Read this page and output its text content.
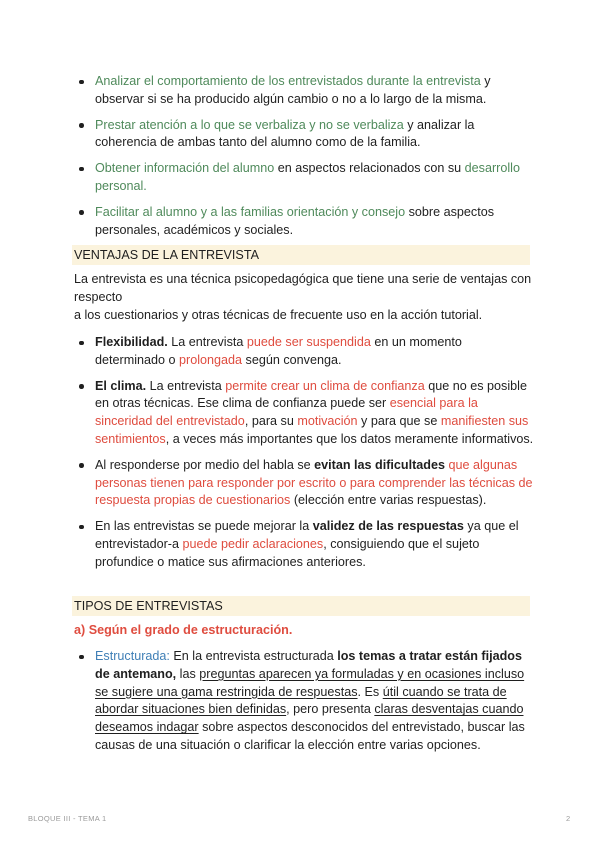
Analizar el comportamiento de los entrevistados durante la entrevista y observar si se ha producido algún cambio o no a lo largo de la misma.
Prestar atención a lo que se verbaliza y no se verbaliza y analizar la coherencia de ambas tanto del alumno como de la familia.
Obtener información del alumno en aspectos relacionados con su desarrollo personal.
Facilitar al alumno y a las familias orientación y consejo sobre aspectos personales, académicos y sociales.
VENTAJAS DE LA ENTREVISTA
La entrevista es una técnica psicopedagógica que tiene una serie de ventajas con respecto
a los cuestionarios y otras técnicas de frecuente uso en la acción tutorial.
Flexibilidad. La entrevista puede ser suspendida en un momento determinado o prolongada según convenga.
El clima. La entrevista permite crear un clima de confianza que no es posible en otras técnicas. Ese clima de confianza puede ser esencial para la sinceridad del entrevistado, para su motivación y para que se manifiesten sus sentimientos, a veces más importantes que los datos meramente informativos.
Al responderse por medio del habla se evitan las dificultades que algunas personas tienen para responder por escrito o para comprender las técnicas de respuesta propias de cuestionarios (elección entre varias respuestas).
En las entrevistas se puede mejorar la validez de las respuestas ya que el entrevistador-a puede pedir aclaraciones, consiguiendo que el sujeto profundice o matice sus afirmaciones anteriores.
TIPOS DE ENTREVISTAS
a) Según el grado de estructuración.
Estructurada: En la entrevista estructurada los temas a tratar están fijados de antemano, las preguntas aparecen ya formuladas y en ocasiones incluso se sugiere una gama restringida de respuestas. Es útil cuando se trata de abordar situaciones bien definidas, pero presenta claras desventajas cuando deseamos indagar sobre aspectos desconocidos del entrevistado, buscar las causas de una situación o clarificar la elección entre varias opciones.
BLOQUE III - TEMA 1	2
